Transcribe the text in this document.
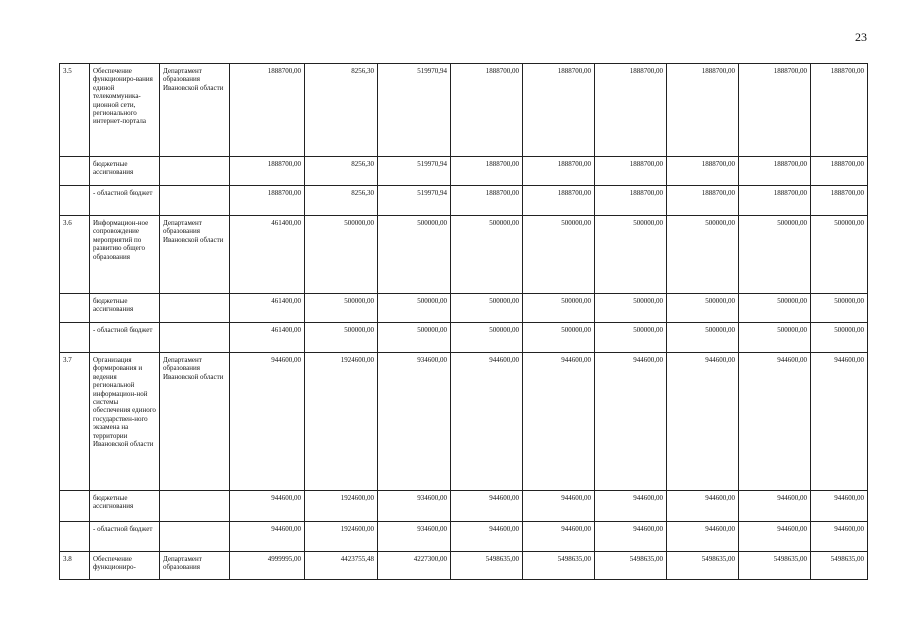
23
3.5	Обеспечение функциониро-вания единой телекоммуника-ционной сети, регионального интернет-портала	Департамент образования Ивановской области	1888700,00	8256,30	519970,94	1888700,00	1888700,00	1888700,00	1888700,00	1888700,00	1888700,00
	бюджетные ассигнования		1888700,00	8256,30	519970,94	1888700,00	1888700,00	1888700,00	1888700,00	1888700,00	1888700,00
	- областной бюджет		1888700,00	8256,30	519970,94	1888700,00	1888700,00	1888700,00	1888700,00	1888700,00	1888700,00
3.6	Информацион-ное сопровождение мероприятий по развитию общего образования	Департамент образования Ивановской области	461400,00	500000,00	500000,00	500000,00	500000,00	500000,00	500000,00	500000,00	500000,00
	бюджетные ассигнования		461400,00	500000,00	500000,00	500000,00	500000,00	500000,00	500000,00	500000,00	500000,00
	- областной бюджет		461400,00	500000,00	500000,00	500000,00	500000,00	500000,00	500000,00	500000,00	500000,00
3.7	Организация формирования и ведения региональной информацион-ной системы обеспечения единого государствен-ного экзамена на территории Ивановской области	Департамент образования Ивановской области	944600,00	1924600,00	934600,00	944600,00	944600,00	944600,00	944600,00	944600,00	944600,00
	бюджетные ассигнования		944600,00	1924600,00	934600,00	944600,00	944600,00	944600,00	944600,00	944600,00	944600,00
	- областной бюджет		944600,00	1924600,00	934600,00	944600,00	944600,00	944600,00	944600,00	944600,00	944600,00
3.8	Обеспечение функциониро-	Департамент образования	4999995,00	4423755,48	4227300,00	5498635,00	5498635,00	5498635,00	5498635,00	5498635,00	5498635,00
